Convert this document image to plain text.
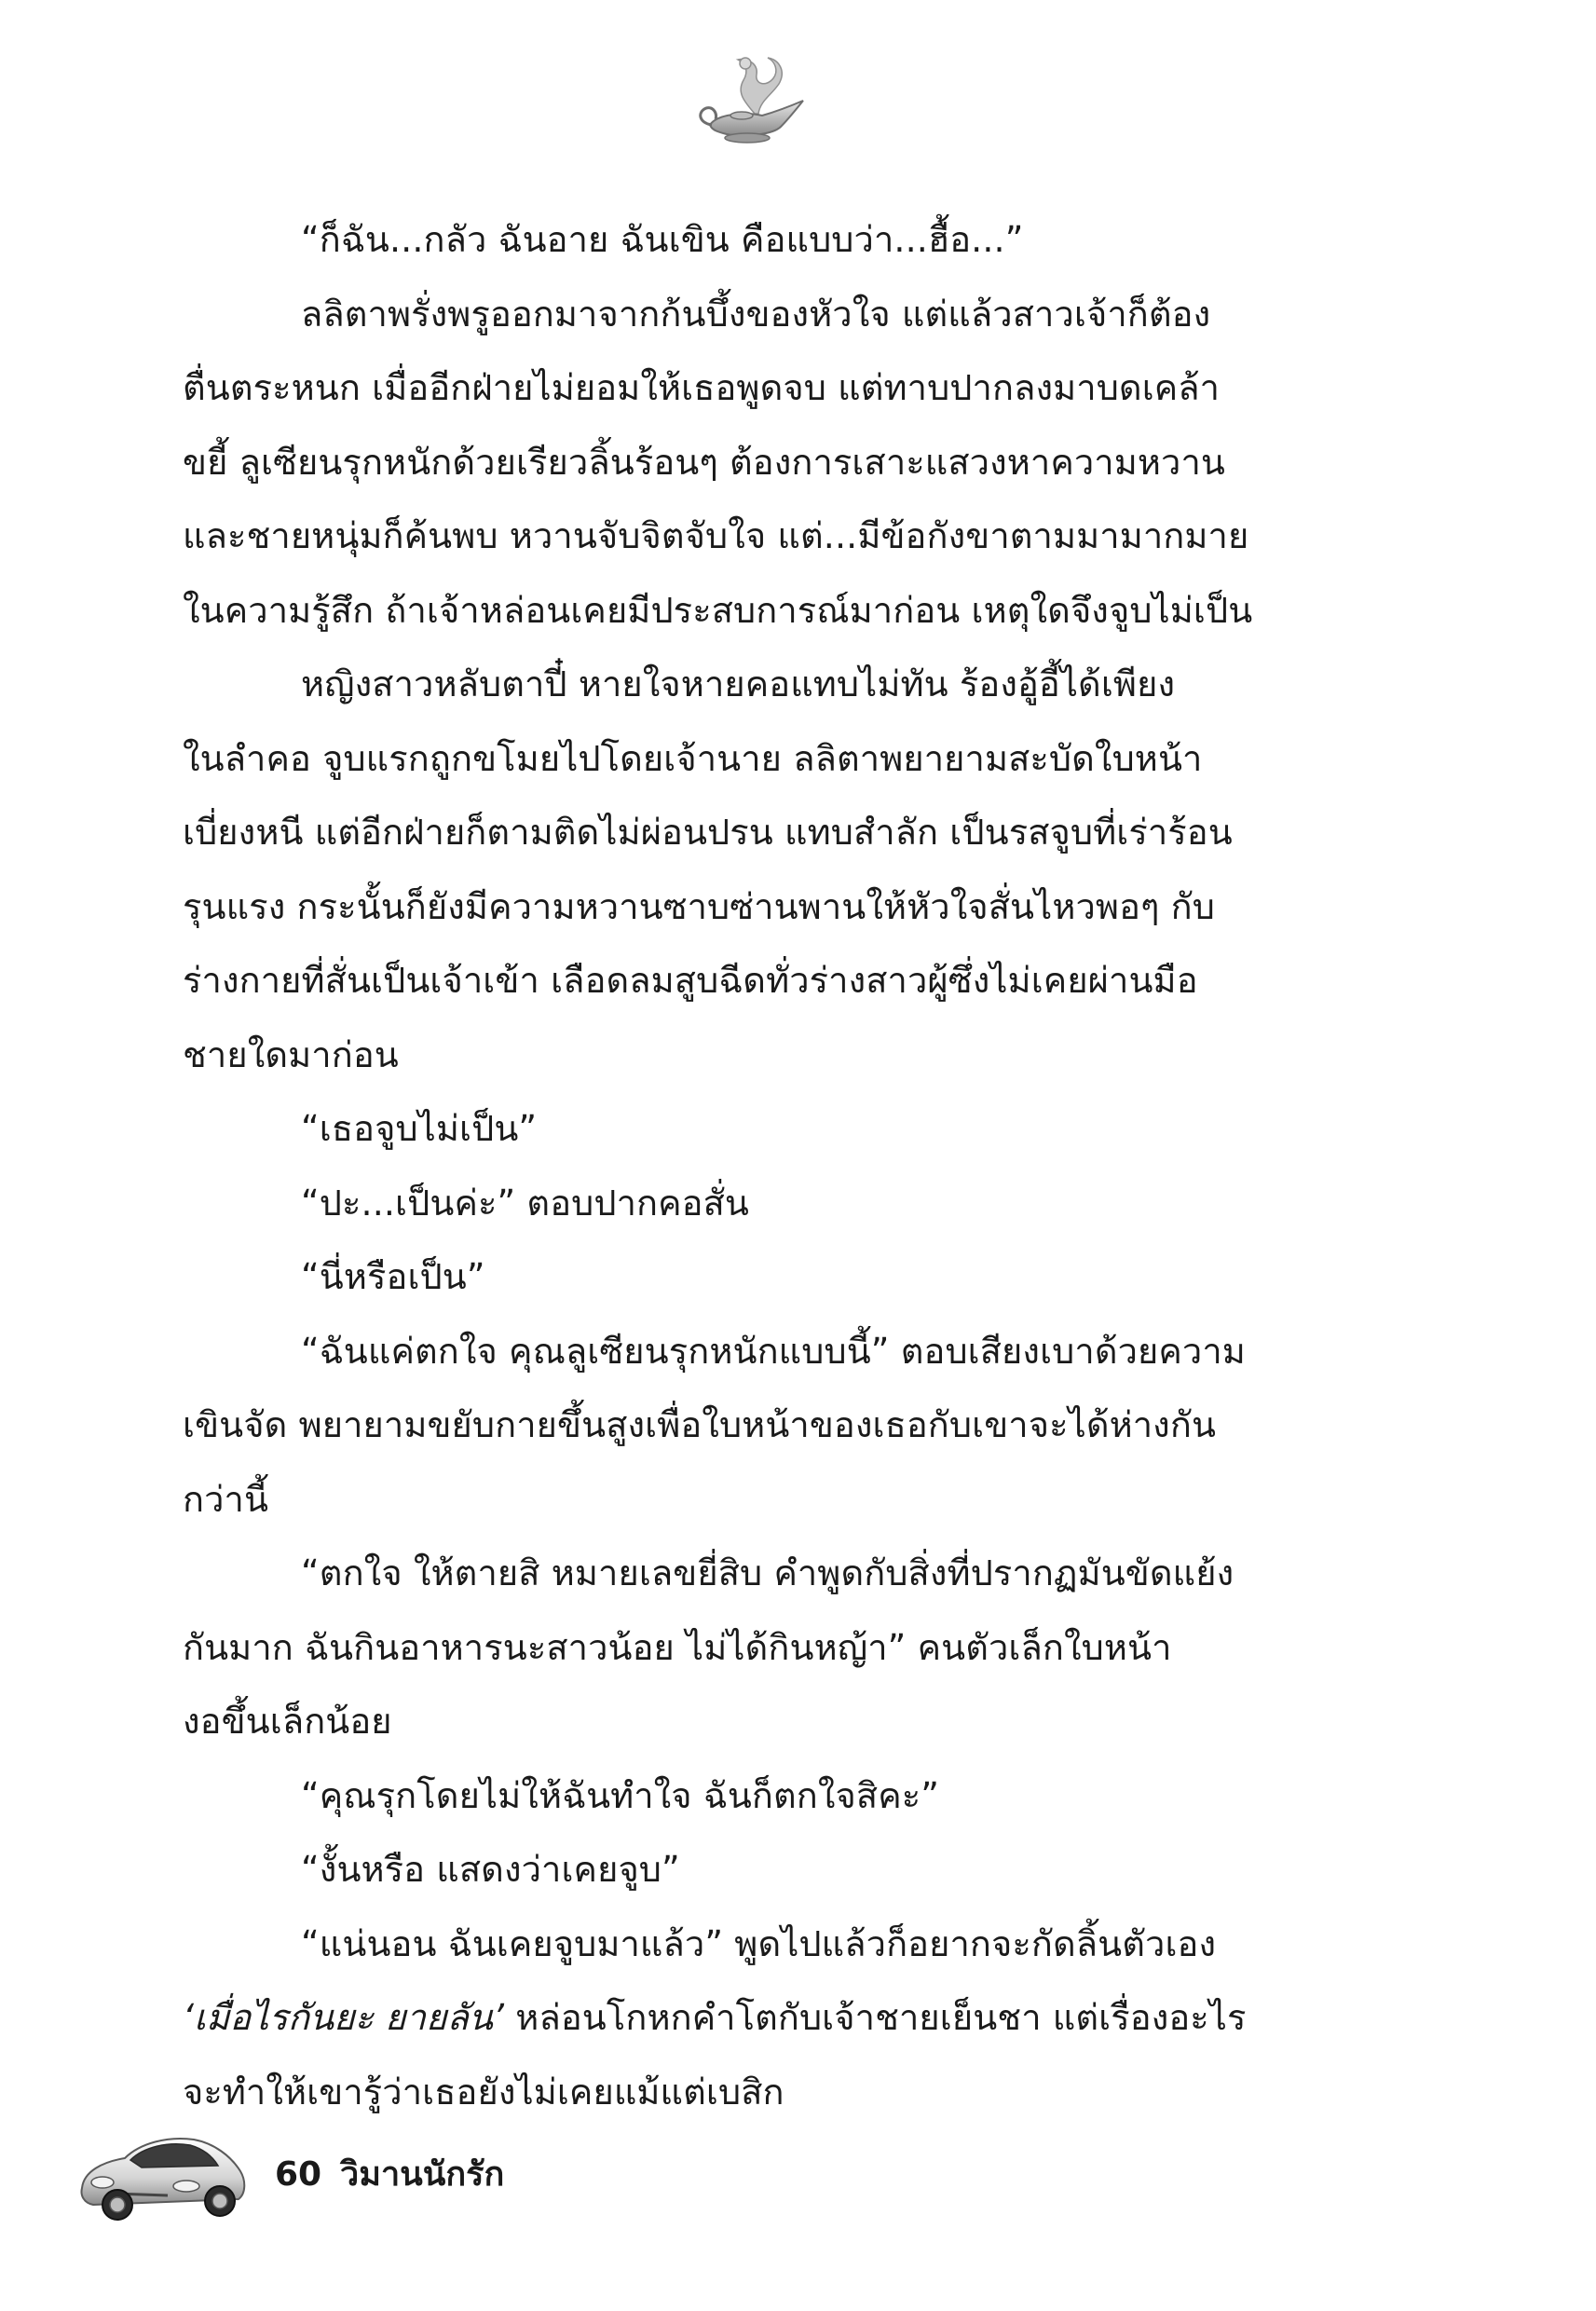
“ก็ฉัน...กลัว ฉันอาย ฉันเขิน คือแบบว่า...ฮื้อ...”
ลลิตาพรั่งพรูออกมาจากก้นบึ้งของหัวใจ แต่แล้วสาวเจ้าก็ต้อง
ตื่นตระหนก เมื่ออีกฝ่ายไม่ยอมให้เธอพูดจบ แต่ทาบปากลงมาบดเคล้า
ขยี้ ลูเซียนรุกหนักด้วยเรียวลิ้นร้อนๆ ต้องการเสาะแสวงหาความหวาน
และชายหนุ่มก็ค้นพบ หวานจับจิตจับใจ แต่...มีข้อกังขาตามมามากมาย
ในความรู้สึก ถ้าเจ้าหล่อนเคยมีประสบการณ์มาก่อน เหตุใดจึงจูบไม่เป็น
หญิงสาวหลับตาปี๋ หายใจหายคอแทบไม่ทัน ร้องอู้อี้ได้เพียง
ในลำคอ จูบแรกถูกขโมยไปโดยเจ้านาย ลลิตาพยายามสะบัดใบหน้า
เบี่ยงหนี แต่อีกฝ่ายก็ตามติดไม่ผ่อนปรน แทบสำลัก เป็นรสจูบที่เร่าร้อน
รุนแรง กระนั้นก็ยังมีความหวานซาบซ่านพานให้หัวใจสั่นไหวพอๆ กับ
ร่างกายที่สั่นเป็นเจ้าเข้า เลือดลมสูบฉีดทั่วร่างสาวผู้ซึ่งไม่เคยผ่านมือ
ชายใดมาก่อน
“เธอจูบไม่เป็น”
“ปะ...เป็นค่ะ” ตอบปากคอสั่น
“นี่หรือเป็น”
“ฉันแค่ตกใจ คุณลูเซียนรุกหนักแบบนี้” ตอบเสียงเบาด้วยความ
เขินจัด พยายามขยับกายขึ้นสูงเพื่อใบหน้าของเธอกับเขาจะได้ห่างกัน
กว่านี้
“ตกใจ ให้ตายสิ หมายเลขยี่สิบ คำพูดกับสิ่งที่ปรากฏมันขัดแย้ง
กันมาก ฉันกินอาหารนะสาวน้อย ไม่ได้กินหญ้า” คนตัวเล็กใบหน้า
งอขึ้นเล็กน้อย
“คุณรุกโดยไม่ให้ฉันทำใจ ฉันก็ตกใจสิคะ”
“งั้นหรือ แสดงว่าเคยจูบ”
“แน่นอน ฉันเคยจูบมาแล้ว” พูดไปแล้วก็อยากจะกัดลิ้นตัวเอง
‘เมื่อไรกันยะ ยายลัน’ หล่อนโกหกคำโตกับเจ้าชายเย็นชา แต่เรื่องอะไร
จะทำให้เขารู้ว่าเธอยังไม่เคยแม้แต่เบสิก
60 วิมานนักรัก
